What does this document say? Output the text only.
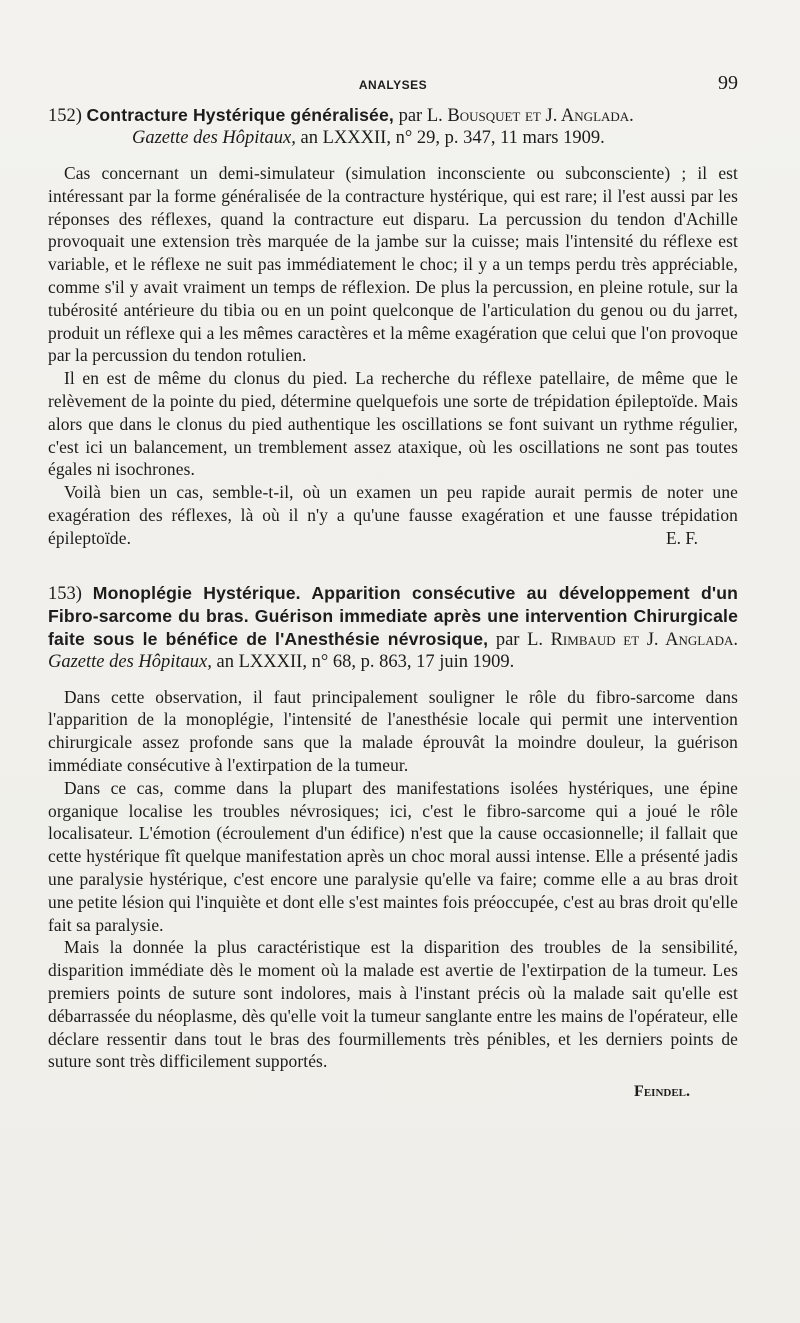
ANALYSES	99
152) Contracture Hystérique généralisée, par L. Bousquet et J. Anglada.
Gazette des Hôpitaux, an LXXXII, n° 29, p. 347, 11 mars 1909.

Cas concernant un demi-simulateur (simulation inconsciente ou subconsciente) ; il est intéressant par la forme généralisée de la contracture hystérique, qui est rare; il l'est aussi par les réponses des réflexes, quand la contracture eut disparu. La percussion du tendon d'Achille provoquait une extension très marquée de la jambe sur la cuisse; mais l'intensité du réflexe est variable, et le réflexe ne suit pas immédiatement le choc; il y a un temps perdu très appréciable, comme s'il y avait vraiment un temps de réflexion. De plus la percussion, en pleine rotule, sur la tubérosité antérieure du tibia ou en un point quelconque de l'articulation du genou ou du jarret, produit un réflexe qui a les mêmes caractères et la même exagération que celui que l'on provoque par la percussion du tendon rotulien.

Il en est de même du clonus du pied. La recherche du réflexe patellaire, de même que le relèvement de la pointe du pied, détermine quelquefois une sorte de trépidation épileptoïde. Mais alors que dans le clonus du pied authentique les oscillations se font suivant un rythme régulier, c'est ici un balancement, un tremblement assez ataxique, où les oscillations ne sont pas toutes égales ni isochrones.

Voilà bien un cas, semble-t-il, où un examen un peu rapide aurait permis de noter une exagération des réflexes, là où il n'y a qu'une fausse exagération et une fausse trépidation épileptoïde.	E. F.
153) Monoplégie Hystérique. Apparition consécutive au développement d'un Fibro-sarcome du bras. Guérison immediate après une intervention Chirurgicale faite sous le bénéfice de l'Anesthésie névrosique, par L. Rimbaud et J. Anglada. Gazette des Hôpitaux, an LXXXII, n° 68, p. 863, 17 juin 1909.

Dans cette observation, il faut principalement souligner le rôle du fibro-sarcome dans l'apparition de la monoplégie, l'intensité de l'anesthésie locale qui permit une intervention chirurgicale assez profonde sans que la malade éprouvât la moindre douleur, la guérison immédiate consécutive à l'extirpation de la tumeur.

Dans ce cas, comme dans la plupart des manifestations isolées hystériques, une épine organique localise les troubles névrosiques; ici, c'est le fibro-sarcome qui a joué le rôle localisateur. L'émotion (écroulement d'un édifice) n'est que la cause occasionnelle; il fallait que cette hystérique fît quelque manifestation après un choc moral aussi intense. Elle a présenté jadis une paralysie hystérique, c'est encore une paralysie qu'elle va faire; comme elle a au bras droit une petite lésion qui l'inquiète et dont elle s'est maintes fois préoccupée, c'est au bras droit qu'elle fait sa paralysie.

Mais la donnée la plus caractéristique est la disparition des troubles de la sensibilité, disparition immédiate dès le moment où la malade est avertie de l'extirpation de la tumeur. Les premiers points de suture sont indolores, mais à l'instant précis où la malade sait qu'elle est débarrassée du néoplasme, dès qu'elle voit la tumeur sanglante entre les mains de l'opérateur, elle déclare ressentir dans tout le bras des fourmillements très pénibles, et les derniers points de suture sont très difficilement supportés.

Feindel.
